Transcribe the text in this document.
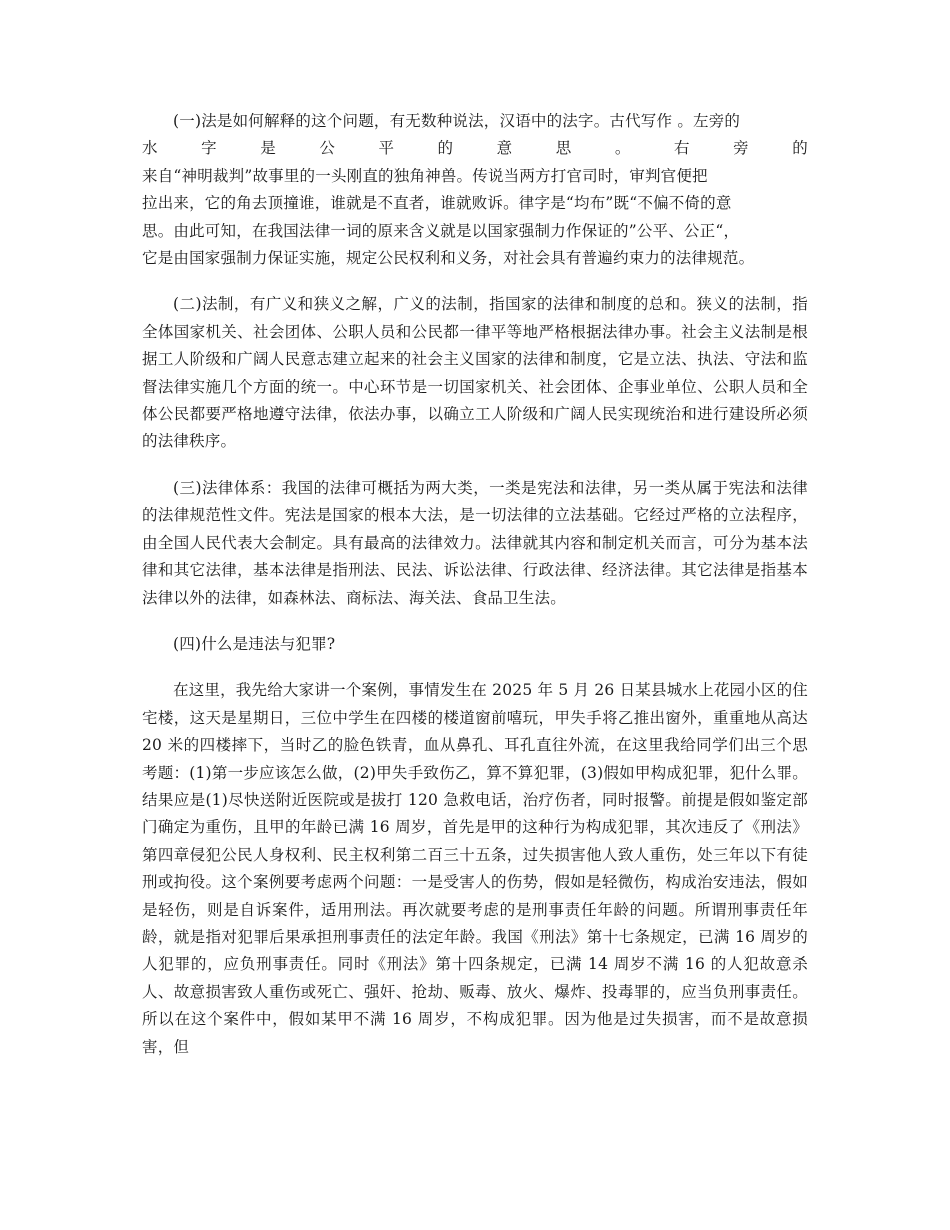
(一)法是如何解释的这个问题，有无数种说法，汉语中的法字。古代写作 。左旁的
水	字	是	公	平	的	意	思	。	右	旁	的
来自“神明裁判”故事里的一头刚直的独角神兽。传说当两方打官司时，审判官便把
拉出来，它的角去顶撞谁，谁就是不直者，谁就败诉。律字是“均布”既“不偏不倚的意
思。由此可知，在我国法律一词的原来含义就是以国家强制力作保证的”公平、公正“，
它是由国家强制力保证实施，规定公民权利和义务，对社会具有普遍约束力的法律规范。

(二)法制，有广义和狭义之解，广义的法制，指国家的法律和制度的总和。狭义的法制，指全体国家机关、社会团体、公职人员和公民都一律平等地严格根据法律办事。社会主义法制是根据工人阶级和广阔人民意志建立起来的社会主义国家的法律和制度，它是立法、执法、守法和监督法律实施几个方面的统一。中心环节是一切国家机关、社会团体、企事业单位、公职人员和全体公民都要严格地遵守法律，依法办事，以确立工人阶级和广阔人民实现统治和进行建设所必须的法律秩序。

(三)法律体系：我国的法律可概括为两大类，一类是宪法和法律，另一类从属于宪法和法律的法律规范性文件。宪法是国家的根本大法，是一切法律的立法基础。它经过严格的立法程序，由全国人民代表大会制定。具有最高的法律效力。法律就其内容和制定机关而言，可分为基本法律和其它法律，基本法律是指刑法、民法、诉讼法律、行政法律、经济法律。其它法律是指基本法律以外的法律，如森林法、商标法、海关法、食品卫生法。

(四)什么是违法与犯罪?

在这里，我先给大家讲一个案例，事情发生在 2025 年 5 月 26 日某县城水上花园小区的住宅楼，这天是星期日，三位中学生在四楼的楼道窗前嘻玩，甲失手将乙推出窗外，重重地从高达 20 米的四楼摔下，当时乙的脸色铁青，血从鼻孔、耳孔直往外流，在这里我给同学们出三个思考题：(1)第一步应该怎么做，(2)甲失手致伤乙，算不算犯罪，(3)假如甲构成犯罪，犯什么罪。结果应是(1)尽快送附近医院或是拔打 120 急救电话，治疗伤者，同时报警。前提是假如鉴定部门确定为重伤，且甲的年龄已满 16 周岁，首先是甲的这种行为构成犯罪，其次违反了《刑法》第四章侵犯公民人身权利、民主权利第二百三十五条，过失损害他人致人重伤，处三年以下有徒刑或拘役。这个案例要考虑两个问题：一是受害人的伤势，假如是轻微伤，构成治安违法，假如是轻伤，则是自诉案件，适用刑法。再次就要考虑的是刑事责任年龄的问题。所谓刑事责任年龄，就是指对犯罪后果承担刑事责任的法定年龄。我国《刑法》第十七条规定，已满 16 周岁的人犯罪的，应负刑事责任。同时《刑法》第十四条规定，已满 14 周岁不满 16 的人犯故意杀人、故意损害致人重伤或死亡、强奸、抢劫、贩毒、放火、爆炸、投毒罪的，应当负刑事责任。所以在这个案件中，假如某甲不满 16 周岁，不构成犯罪。因为他是过失损害，而不是故意损害，但
